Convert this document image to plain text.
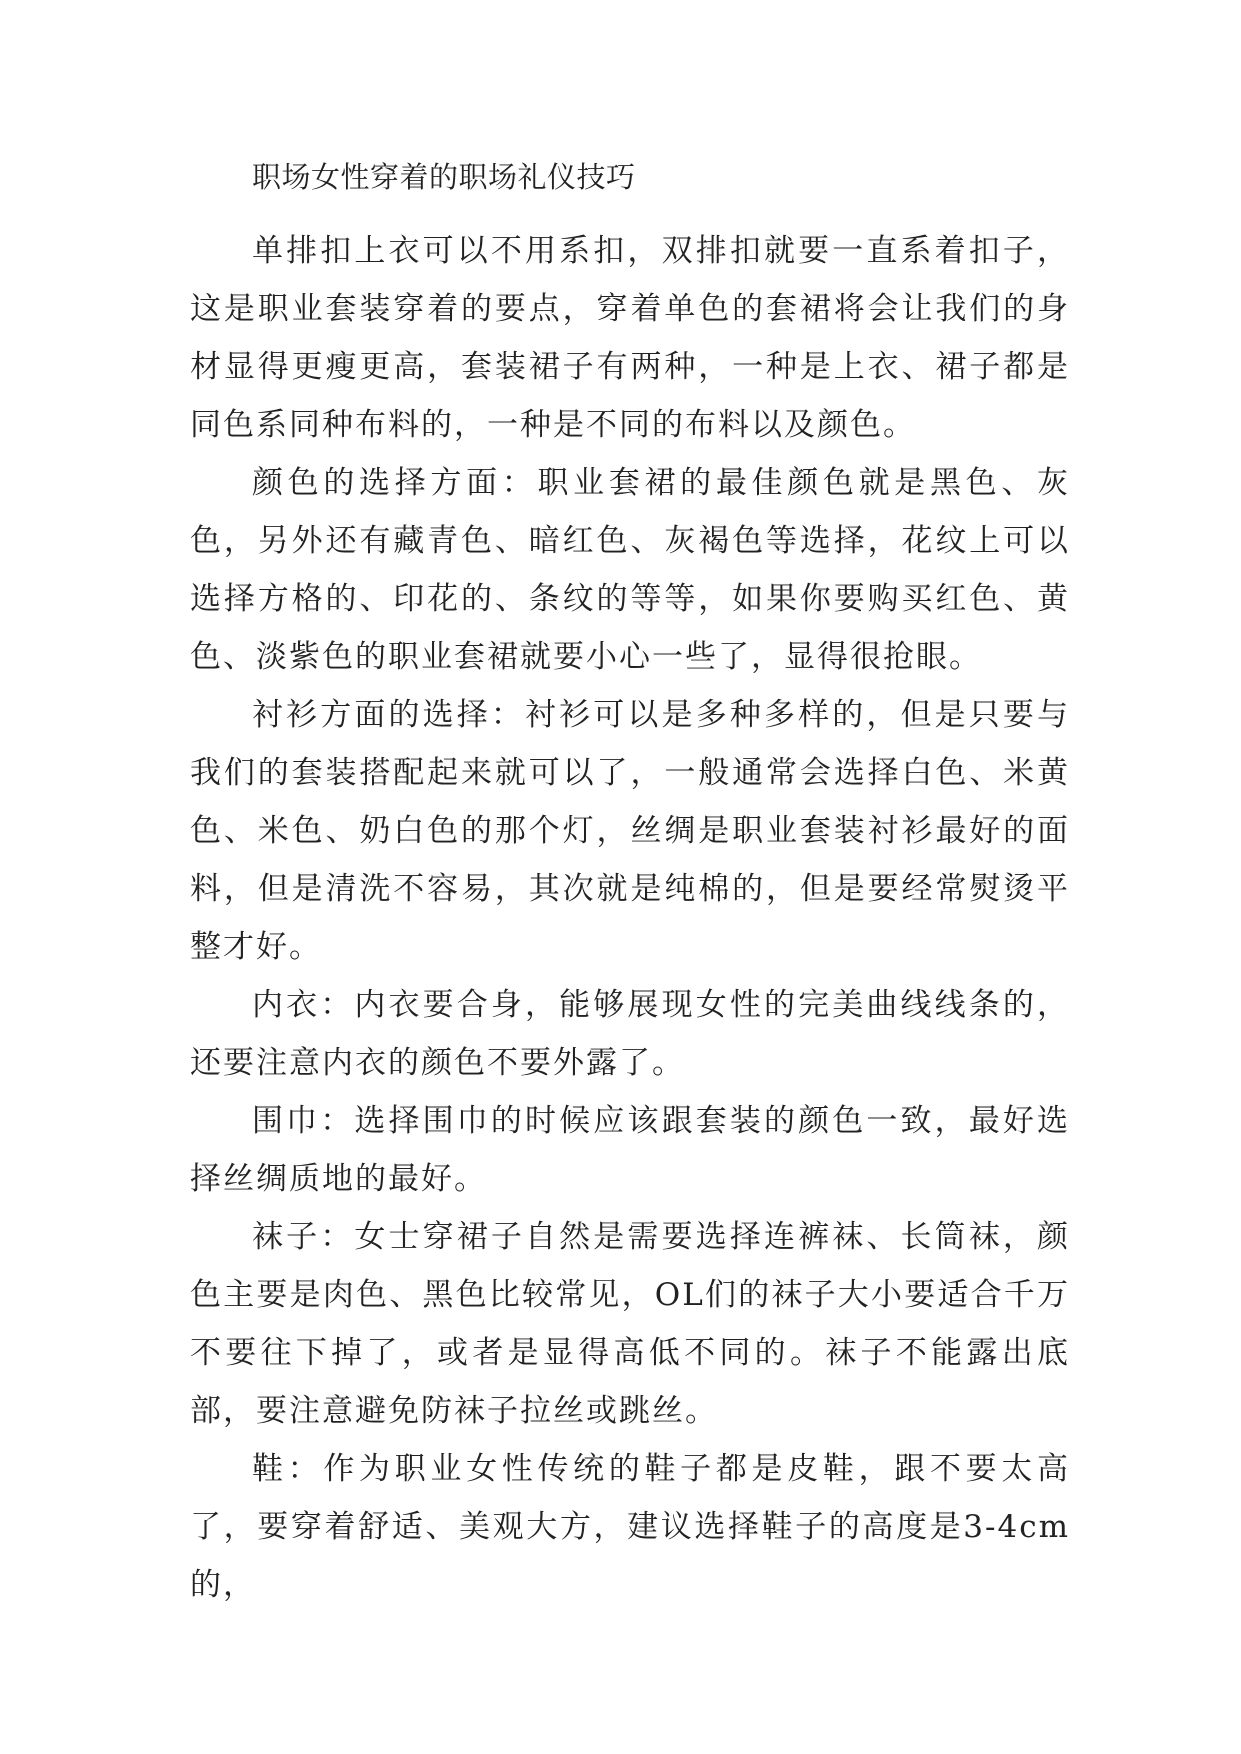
职场女性穿着的职场礼仪技巧

单排扣上衣可以不用系扣，双排扣就要一直系着扣子，这是职业套装穿着的要点，穿着单色的套裙将会让我们的身材显得更瘦更高，套装裙子有两种，一种是上衣、裙子都是同色系同种布料的，一种是不同的布料以及颜色。

颜色的选择方面：职业套裙的最佳颜色就是黑色、灰色，另外还有藏青色、暗红色、灰褐色等选择，花纹上可以选择方格的、印花的、条纹的等等，如果你要购买红色、黄色、淡紫色的职业套裙就要小心一些了，显得很抢眼。

衬衫方面的选择：衬衫可以是多种多样的，但是只要与我们的套装搭配起来就可以了，一般通常会选择白色、米黄色、米色、奶白色的那个灯，丝绸是职业套装衬衫最好的面料，但是清洗不容易，其次就是纯棉的，但是要经常熨烫平整才好。

内衣：内衣要合身，能够展现女性的完美曲线线条的，还要注意内衣的颜色不要外露了。

围巾：选择围巾的时候应该跟套装的颜色一致，最好选择丝绸质地的最好。

袜子：女士穿裙子自然是需要选择连裤袜、长筒袜，颜色主要是肉色、黑色比较常见，OL们的袜子大小要适合千万不要往下掉了，或者是显得高低不同的。袜子不能露出底部，要注意避免防袜子拉丝或跳丝。

鞋：作为职业女性传统的鞋子都是皮鞋，跟不要太高了，要穿着舒适、美观大方，建议选择鞋子的高度是3-4cm的，
